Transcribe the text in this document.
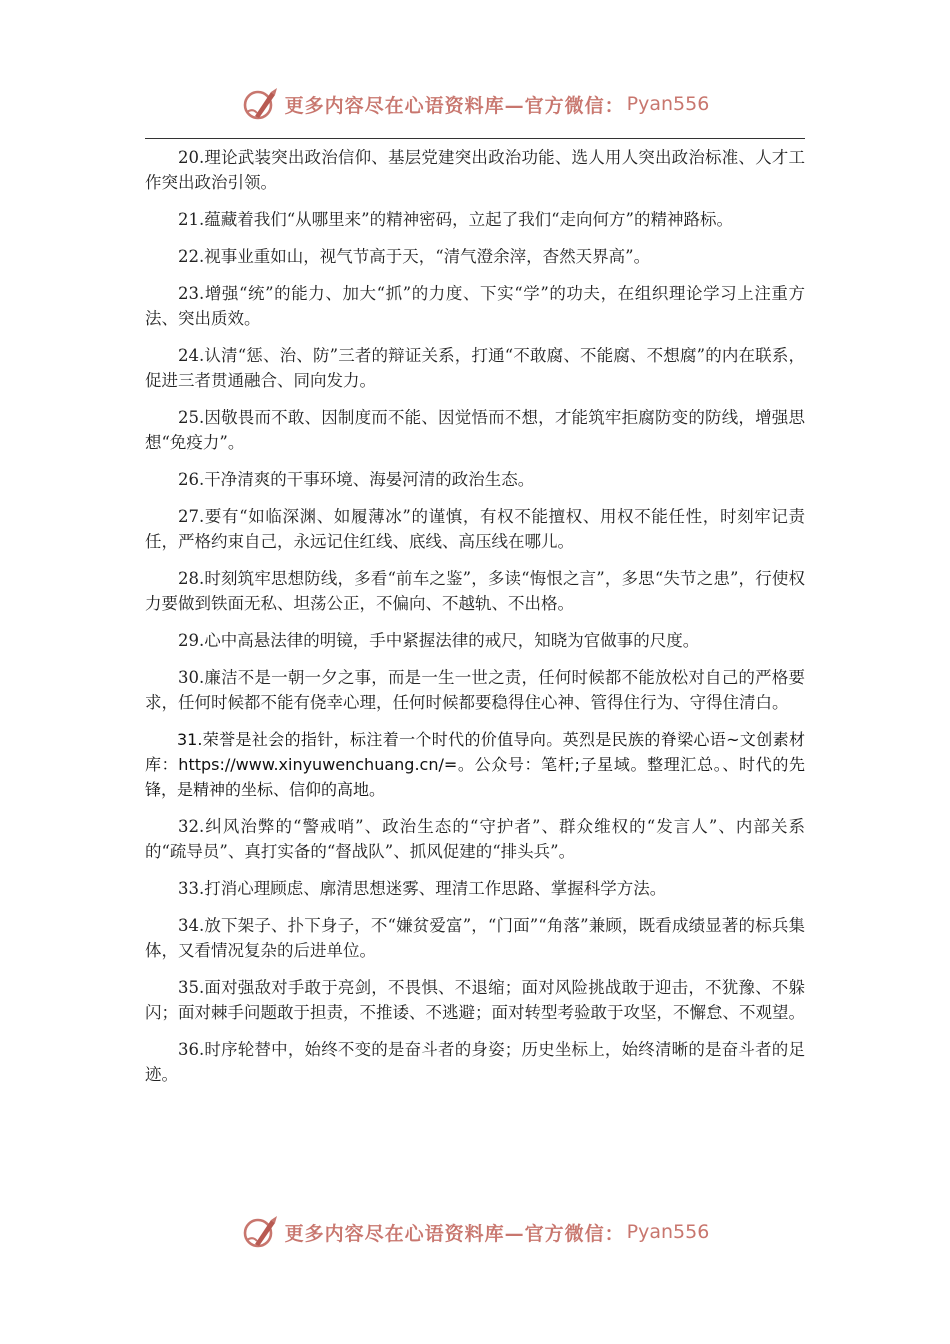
更多内容尽在心语资料库—官方微信： Pyan556

20.理论武装突出政治信仰、基层党建突出政治功能、选人用人突出政治标准、人才工作突出政治引领。

21.蕴藏着我们“从哪里来”的精神密码，立起了我们“走向何方”的精神路标。

22.视事业重如山，视气节高于天，“清气澄余滓，杳然天界高”。

23.增强“统”的能力、加大“抓”的力度、下实“学”的功夫，在组织理论学习上注重方法、突出质效。

24.认清“惩、治、防”三者的辩证关系，打通“不敢腐、不能腐、不想腐”的内在联系，促进三者贯通融合、同向发力。

25.因敬畏而不敢、因制度而不能、因觉悟而不想，才能筑牢拒腐防变的防线，增强思想“免疫力”。

26.干净清爽的干事环境、海晏河清的政治生态。

27.要有“如临深渊、如履薄冰”的谨慎，有权不能擅权、用权不能任性，时刻牢记责任，严格约束自己，永远记住红线、底线、高压线在哪儿。

28.时刻筑牢思想防线，多看“前车之鉴”，多读“悔恨之言”，多思“失节之患”，行使权力要做到铁面无私、坦荡公正，不偏向、不越轨、不出格。

29.心中高悬法律的明镜，手中紧握法律的戒尺，知晓为官做事的尺度。

30.廉洁不是一朝一夕之事，而是一生一世之责，任何时候都不能放松对自己的严格要求，任何时候都不能有侥幸心理，任何时候都要稳得住心神、管得住行为、守得住清白。

31.荣誉是社会的指针，标注着一个时代的价值导向。英烈是民族的脊梁心语~文创素材库：https://www.xinyuwenchuang.cn/=。公众号：笔杆;子星域。整理汇总。、时代的先锋，是精神的坐标、信仰的高地。

32.纠风治弊的“警戒哨”、政治生态的“守护者”、群众维权的“发言人”、内部关系的“疏导员”、真打实备的“督战队”、抓风促建的“排头兵”。

33.打消心理顾虑、廓清思想迷雾、理清工作思路、掌握科学方法。

34.放下架子、扑下身子，不“嫌贫爱富”，“门面”“角落”兼顾，既看成绩显著的标兵集体，又看情况复杂的后进单位。

35.面对强敌对手敢于亮剑，不畏惧、不退缩；面对风险挑战敢于迎击，不犹豫、不躲闪；面对棘手问题敢于担责，不推诿、不逃避；面对转型考验敢于攻坚，不懈怠、不观望。

36.时序轮替中，始终不变的是奋斗者的身姿；历史坐标上，始终清晰的是奋斗者的足迹。

更多内容尽在心语资料库—官方微信： Pyan556
